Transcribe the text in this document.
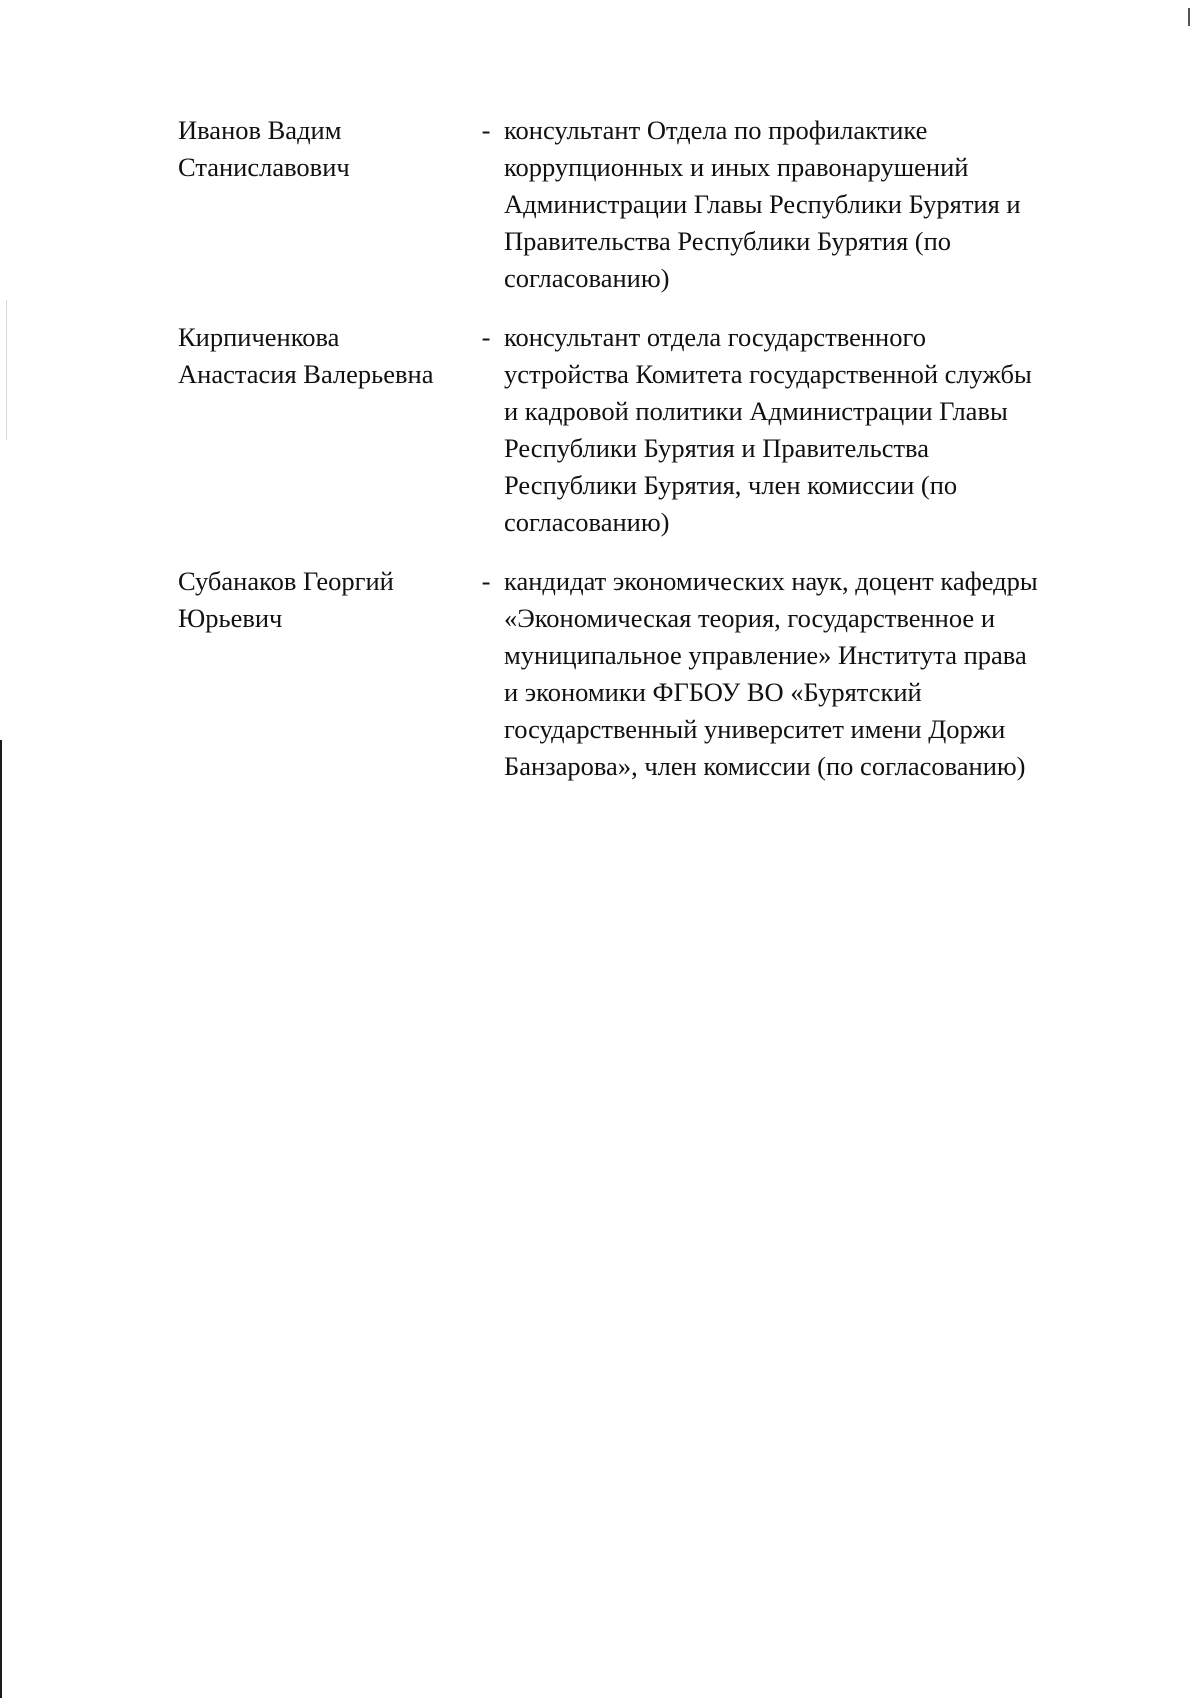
Иванов Вадим
Станиславович
- консультант Отдела по профилактике
коррупционных и иных правонарушений
Администрации Главы Республики Бурятия и
Правительства Республики Бурятия (по
согласованию)
Кирпиченкова
Анастасия Валерьевна
- консультант отдела государственного
устройства Комитета государственной службы
и кадровой политики Администрации Главы
Республики Бурятия и Правительства
Республики Бурятия, член комиссии (по
согласованию)
Субанаков Георгий
Юрьевич
- кандидат экономических наук, доцент кафедры
«Экономическая теория, государственное и
муниципальное управление» Института права
и экономики ФГБОУ ВО «Бурятский
государственный университет имени Доржи
Банзарова», член комиссии (по согласованию)
